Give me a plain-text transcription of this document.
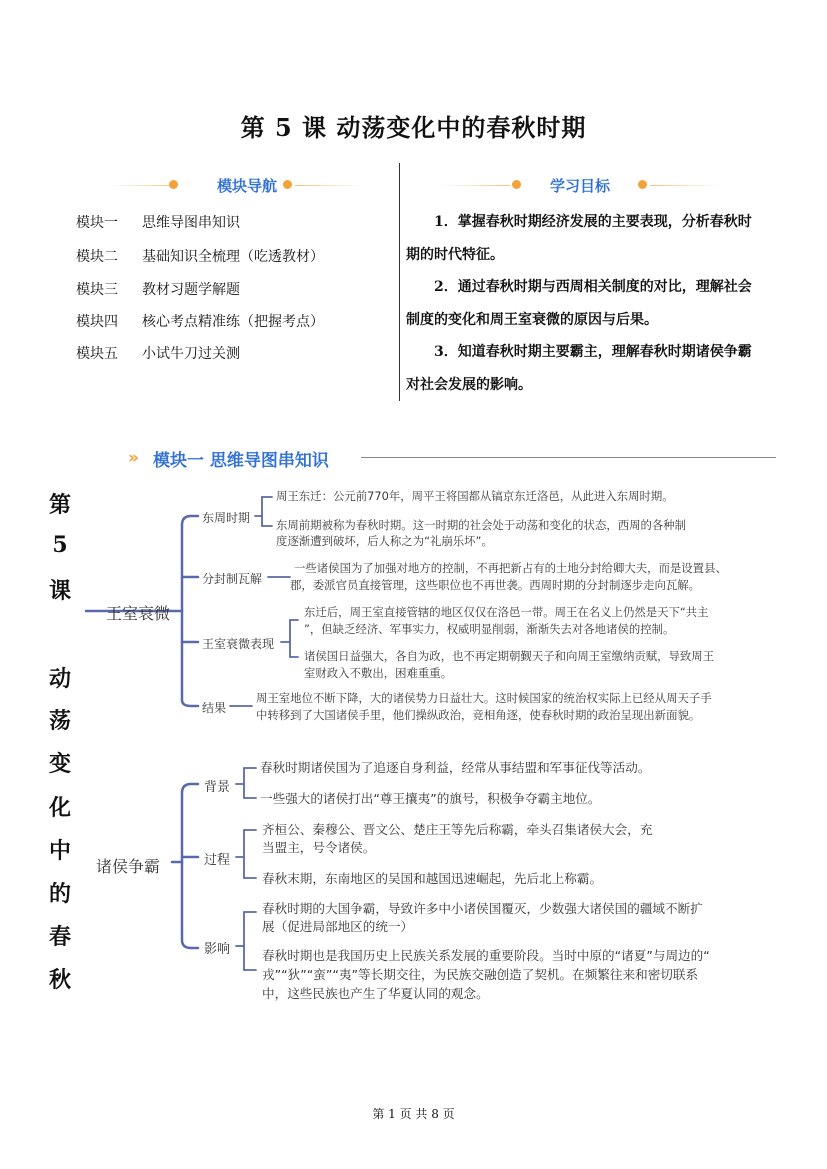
第 5 课 动荡变化中的春秋时期
模块导航
模块一 思维导图串知识
模块二 基础知识全梳理（吃透教材）
模块三 教材习题学解题
模块四 核心考点精准练（把握考点）
模块五 小试牛刀过关测
学习目标
1．掌握春秋时期经济发展的主要表现，分析春秋时期的时代特征。
2．通过春秋时期与西周相关制度的对比，理解社会制度的变化和周王室衰微的原因与后果。
3．知道春秋时期主要霸主，理解春秋时期诸侯争霸对社会发展的影响。
» 模块一 思维导图串知识
第
5
课
动
荡
变
化
中
的
春
秋
王室衰微
东周时期
周王东迁：公元前770年，周平王将国都从镐京东迁洛邑，从此进入东周时期。
东周前期被称为春秋时期。这一时期的社会处于动荡和变化的状态，西周的各种制
度逐渐遭到破坏，后人称之为“礼崩乐坏”。
分封制瓦解
一些诸侯国为了加强对地方的控制，不再把新占有的土地分封给卿大夫，而是设置县、
郡，委派官员直接管理，这些职位也不再世袭。西周时期的分封制逐步走向瓦解。
王室衰微表现
东迁后，周王室直接管辖的地区仅仅在洛邑一带。周王在名义上仍然是天下“共主
”，但缺乏经济、军事实力，权威明显削弱，渐渐失去对各地诸侯的控制。
诸侯国日益强大，各自为政，也不再定期朝觐天子和向周王室缴纳贡赋，导致周王
室财政入不敷出，困难重重。
结果
周王室地位不断下降，大的诸侯势力日益壮大。这时候国家的统治权实际上已经从周天子手
中转移到了大国诸侯手里，他们操纵政治，竞相角逐，使春秋时期的政治呈现出新面貌。
诸侯争霸
背景
春秋时期诸侯国为了追逐自身利益，经常从事结盟和军事征伐等活动。
一些强大的诸侯打出“尊王攘夷”的旗号，积极争夺霸主地位。
过程
齐桓公、秦穆公、晋文公、楚庄王等先后称霸，牵头召集诸侯大会，充
当盟主，号令诸侯。
春秋末期，东南地区的吴国和越国迅速崛起，先后北上称霸。
影响
春秋时期的大国争霸，导致许多中小诸侯国覆灭，少数强大诸侯国的疆域不断扩
展（促进局部地区的统一）
春秋时期也是我国历史上民族关系发展的重要阶段。当时中原的“诸夏”与周边的“
戎”“狄”“蛮”“夷”等长期交往，为民族交融创造了契机。在频繁往来和密切联系
中，这些民族也产生了华夏认同的观念。
第 1 页 共 8 页
